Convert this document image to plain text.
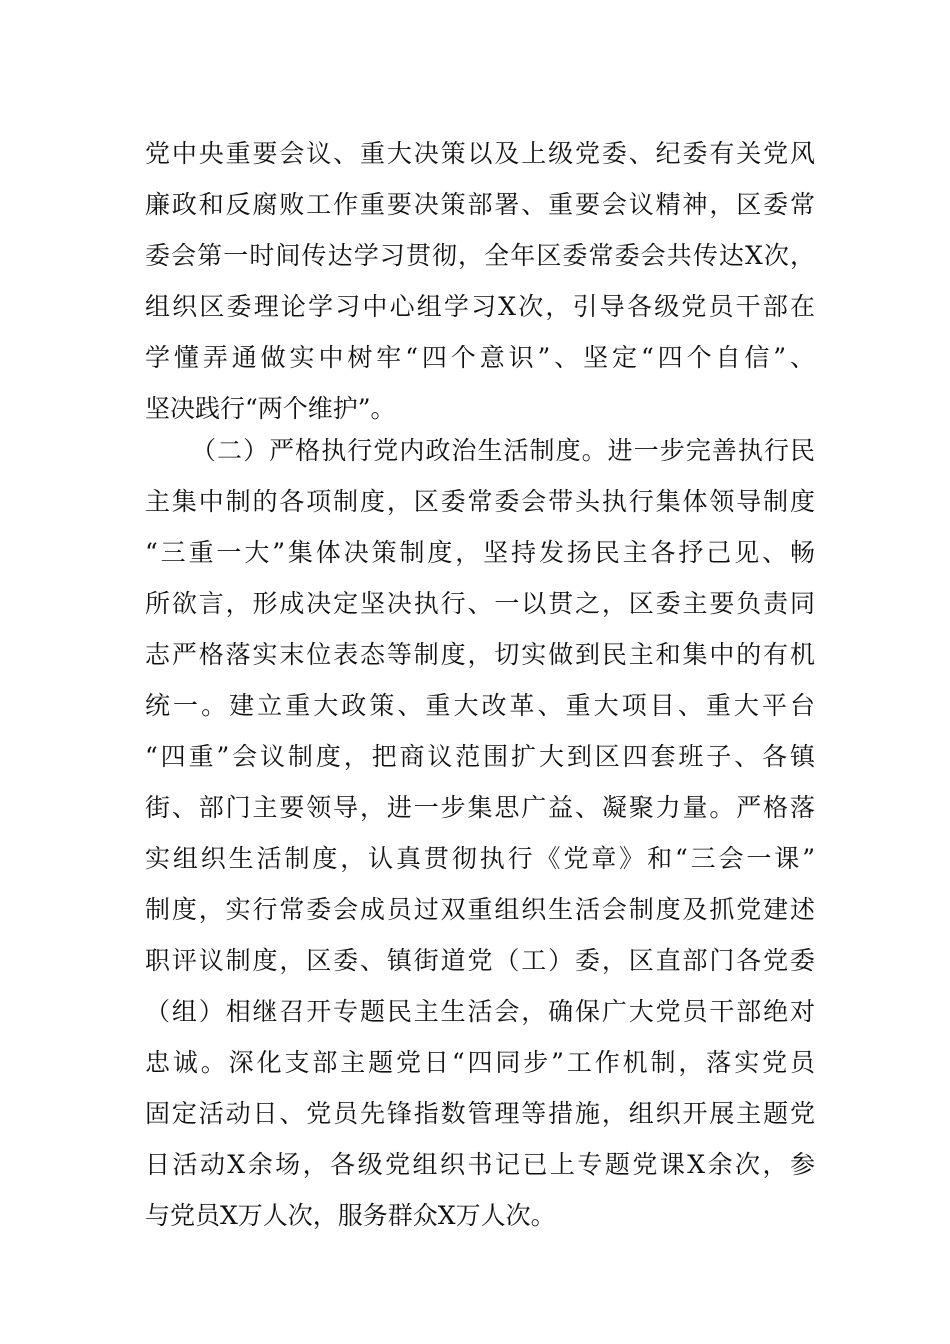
党中央重要会议、重大决策以及上级党委、纪委有关党风
廉政和反腐败工作重要决策部署、重要会议精神，区委常
委会第一时间传达学习贯彻，全年区委常委会共传达X次，
组织区委理论学习中心组学习X次，引导各级党员干部在
学懂弄通做实中树牢“四个意识”、坚定“四个自信”、
坚决践行“两个维护”。
（二）严格执行党内政治生活制度。进一步完善执行民
主集中制的各项制度，区委常委会带头执行集体领导制度
“三重一大”集体决策制度，坚持发扬民主各抒己见、畅
所欲言，形成决定坚决执行、一以贯之，区委主要负责同
志严格落实末位表态等制度，切实做到民主和集中的有机
统一。建立重大政策、重大改革、重大项目、重大平台
“四重”会议制度，把商议范围扩大到区四套班子、各镇
街、部门主要领导，进一步集思广益、凝聚力量。严格落
实组织生活制度，认真贯彻执行《党章》和“三会一课”
制度，实行常委会成员过双重组织生活会制度及抓党建述
职评议制度，区委、镇街道党（工）委，区直部门各党委
（组）相继召开专题民主生活会，确保广大党员干部绝对
忠诚。深化支部主题党日“四同步”工作机制，落实党员
固定活动日、党员先锋指数管理等措施，组织开展主题党
日活动X余场，各级党组织书记已上专题党课X余次，参
与党员X万人次，服务群众X万人次。
